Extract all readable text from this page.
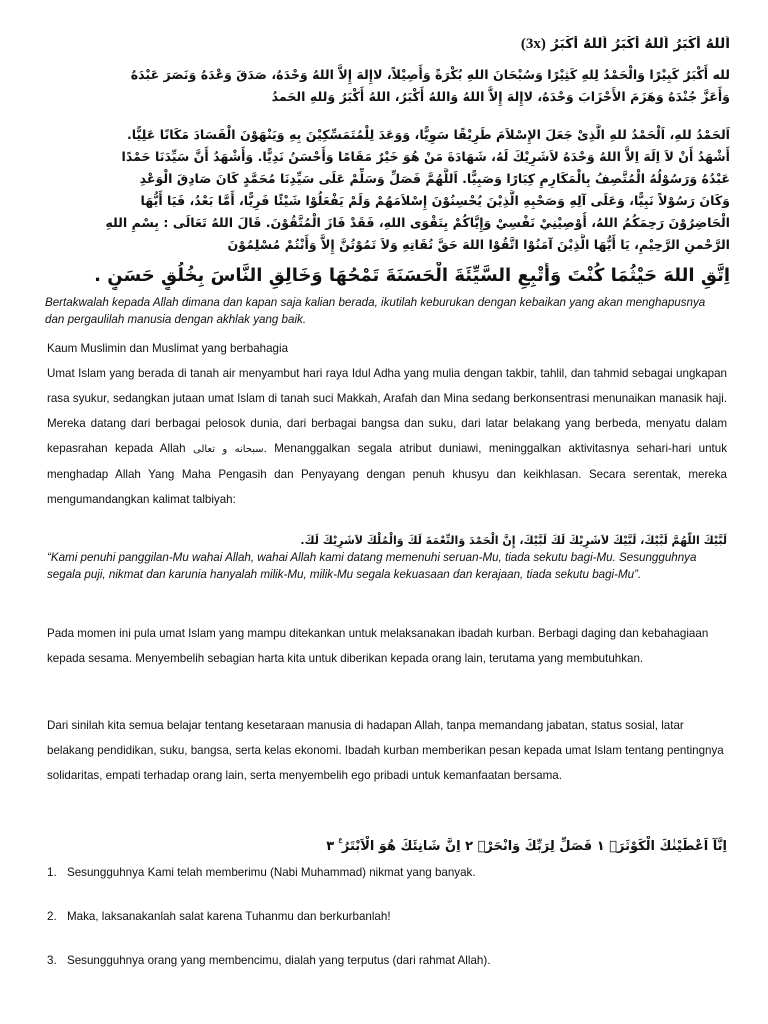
اَللهُ أَكْبَرُ اَللهُ أَكْبَرُ اَللهُ أَكْبَرُ (3x)
لله أَكْبَرُ كَبِيْرًا وَالْحَمْدُ لِلهِ كَثِيْرًا وَسُبْحَانَ اللهِ بُكْرَةً وَأَصِيْلاً، لاإِلهَ إِلاَّ اللهُ وَحْدَهُ، صَدَقَ وَعْدَهُ وَنَصَرَ عَبْدَهُ
وَأَعَزَّ جُنْدَهُ وَهَزَمَ الأَحْزَابَ وَحْدَهُ، لاإِلهَ إِلاَّ اللهُ وَاللهُ أَكْبَرُ، اللهُ أَكْبَرُ وَللهِ الحَمدُ
اَلحَمْدُ للهِ، اَلْحَمْدُ للهِ الَّذِىْ جَعَلَ الإِسْلاَمَ طَرِيْقًا سَوِيًّا، وَوَعَدَ لِلْمُتَمَسِّكِيْنَ بِهِ وَيَنْهَوْنَ الْفَسَادَ مَكَانًا عَلِيًّا.
أَشْهَدُ أَنْ لاَ اِلَهَ اِلاَّ اللهُ وَحْدَهُ لاَشَرِيْكَ لَهُ، شَهَادَةَ مَنْ هُوَ خَيْرٌ مَقَامًا وَأَحْسَنُ نَدِيًّا. وَأَشْهَدُ أَنَّ سَيِّدَنَا حَمْدًا
عَبْدُهُ وَرَسُوْلُهُ الْمُتَّصِفُ بِالْمَكَارِمِ كِبَارًا وَصَبِيًّا. اَللَّهُمَّ فَصَلِّ وَسَلِّمْ عَلَى سَيِّدِنَا مُحَمَّدٍ كَانَ صَادِقَ الْوَعْدِ
وَكَانَ رَسُوْلاً نَبِيًّا، وَعَلَى آلِهِ وَصَحْبِهِ الَّذِيْنَ يُحْسِنُوْنَ إِسْلاَمَهُمْ وَلَمْ يَفْعَلُوْا شَيْئًا فَرِيًّا، أَمَّا بَعْدُ، فَيَا أَيُّهَا
الْحَاضِرُوْنَ رَحِمَكُمُ اللهُ، أُوْصِيْنِيْ نَفْسِيْ وَإِيَّاكُمْ بِتَقْوَى اللهِ، فَقَدْ فَازَ الْمُتَّقُوْنَ. قَالَ اللهُ تَعَالَى : بِسْمِ اللهِ
الرَّحْمنِ الرَّحِيْمِ، يَا أَيُّهَا الَّذِيْنَ آمَنُوْا اتَّقُوْا اللهَ حَقَّ تُقَاتِهِ وَلاَ تَمُوْتُنَّ إِلاَّ وَأَنْتُمْ مُسْلِمُوْنَ
اِتَّقِ اللهَ حَيْثُمَا كُنْتَ وَأَتْبِعِ السَّيِّئَةَ الْحَسَنَةَ تَمْحُهَا وَخَالِقِ النَّاسَ بِخُلُقٍ حَسَنٍ .
Bertakwalah kepada Allah dimana dan kapan saja kalian berada, ikutilah keburukan dengan kebaikan yang akan menghapusnya dan pergaulilah manusia dengan akhlak yang baik.
Kaum Muslimin dan Muslimat yang berbahagia
Umat Islam yang berada di tanah air menyambut hari raya Idul Adha yang mulia dengan takbir, tahlil, dan tahmid sebagai ungkapan rasa syukur, sedangkan jutaan umat Islam di tanah suci Makkah, Arafah dan Mina sedang berkonsentrasi menunaikan manasik haji. Mereka datang dari berbagai pelosok dunia, dari berbagai bangsa dan suku, dari latar belakang yang berbeda, menyatu dalam kepasrahan kepada Allah سبحانه و تعالى. Menanggalkan segala atribut duniawi, meninggalkan aktivitasnya sehari-hari untuk menghadap Allah Yang Maha Pengasih dan Penyayang dengan penuh khusyu dan keikhlasan. Secara serentak, mereka mengumandangkan kalimat talbiyah:
لَبَّيْكَ اللَّهُمَّ لَبَّيْكَ، لَبَّيْكَ لاَشَرِيْكَ لَكَ لَبَّيْكَ، إِنَّ الْحَمْدَ وَالنِّعْمَةَ لَكَ وَالْمُلْكَ لاَشَرِيْكَ لَكَ.
“Kami penuhi panggilan-Mu wahai Allah, wahai Allah kami datang memenuhi seruan-Mu, tiada sekutu bagi-Mu. Sesungguhnya segala puji, nikmat dan karunia hanyalah milik-Mu, milik-Mu segala kekuasaan dan kerajaan, tiada sekutu bagi-Mu”.
Pada momen ini pula umat Islam yang mampu ditekankan untuk melaksanakan ibadah kurban. Berbagi daging dan kebahagiaan kepada sesama. Menyembelih sebagian harta kita untuk diberikan kepada orang lain, terutama yang membutuhkan.
Dari sinilah kita semua belajar tentang kesetaraan manusia di hadapan Allah, tanpa memandang jabatan, status sosial, latar belakang pendidikan, suku, bangsa, serta kelas ekonomi. Ibadah kurban memberikan pesan kepada umat Islam tentang pentingnya solidaritas, empati terhadap orang lain, serta menyembelih ego pribadi untuk kemanfaatan bersama.
اِنَّآ اَعْطَيْنٰكَ الْكَوْثَرَۗ ١ فَصَلِّ لِرَبِّكَ وَانْحَرْۗ ٢ اِنَّ شَانِئَكَ هُوَ الْاَبْتَرُ ࣖ ٣
1. Sesungguhnya Kami telah memberimu (Nabi Muhammad) nikmat yang banyak.
2. Maka, laksanakanlah salat karena Tuhanmu dan berkurbanlah!
3. Sesungguhnya orang yang membencimu, dialah yang terputus (dari rahmat Allah).
